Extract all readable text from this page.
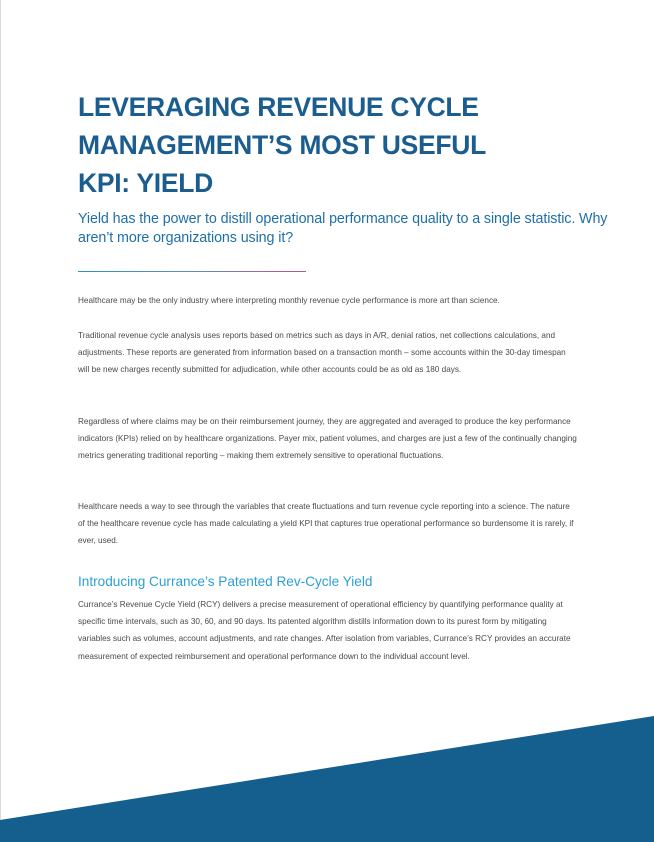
LEVERAGING REVENUE CYCLE MANAGEMENT’S MOST USEFUL KPI: YIELD

Yield has the power to distill operational performance quality to a single statistic. Why aren’t more organizations using it?

Healthcare may be the only industry where interpreting monthly revenue cycle performance is more art than science.

Traditional revenue cycle analysis uses reports based on metrics such as days in A/R, denial ratios, net collections calculations, and adjustments. These reports are generated from information based on a transaction month – some accounts within the 30-day timespan will be new charges recently submitted for adjudication, while other accounts could be as old as 180 days.

Regardless of where claims may be on their reimbursement journey, they are aggregated and averaged to produce the key performance indicators (KPIs) relied on by healthcare organizations. Payer mix, patient volumes, and charges are just a few of the continually changing metrics generating traditional reporting – making them extremely sensitive to operational fluctuations.

Healthcare needs a way to see through the variables that create fluctuations and turn revenue cycle reporting into a science. The nature of the healthcare revenue cycle has made calculating a yield KPI that captures true operational performance so burdensome it is rarely, if ever, used.

Introducing Currance’s Patented Rev-Cycle Yield

Currance’s Revenue Cycle Yield (RCY) delivers a precise measurement of operational efficiency by quantifying performance quality at specific time intervals, such as 30, 60, and 90 days. Its patented algorithm distills information down to its purest form by mitigating variables such as volumes, account adjustments, and rate changes. After isolation from variables, Currance’s RCY provides an accurate measurement of expected reimbursement and operational performance down to the individual account level.
